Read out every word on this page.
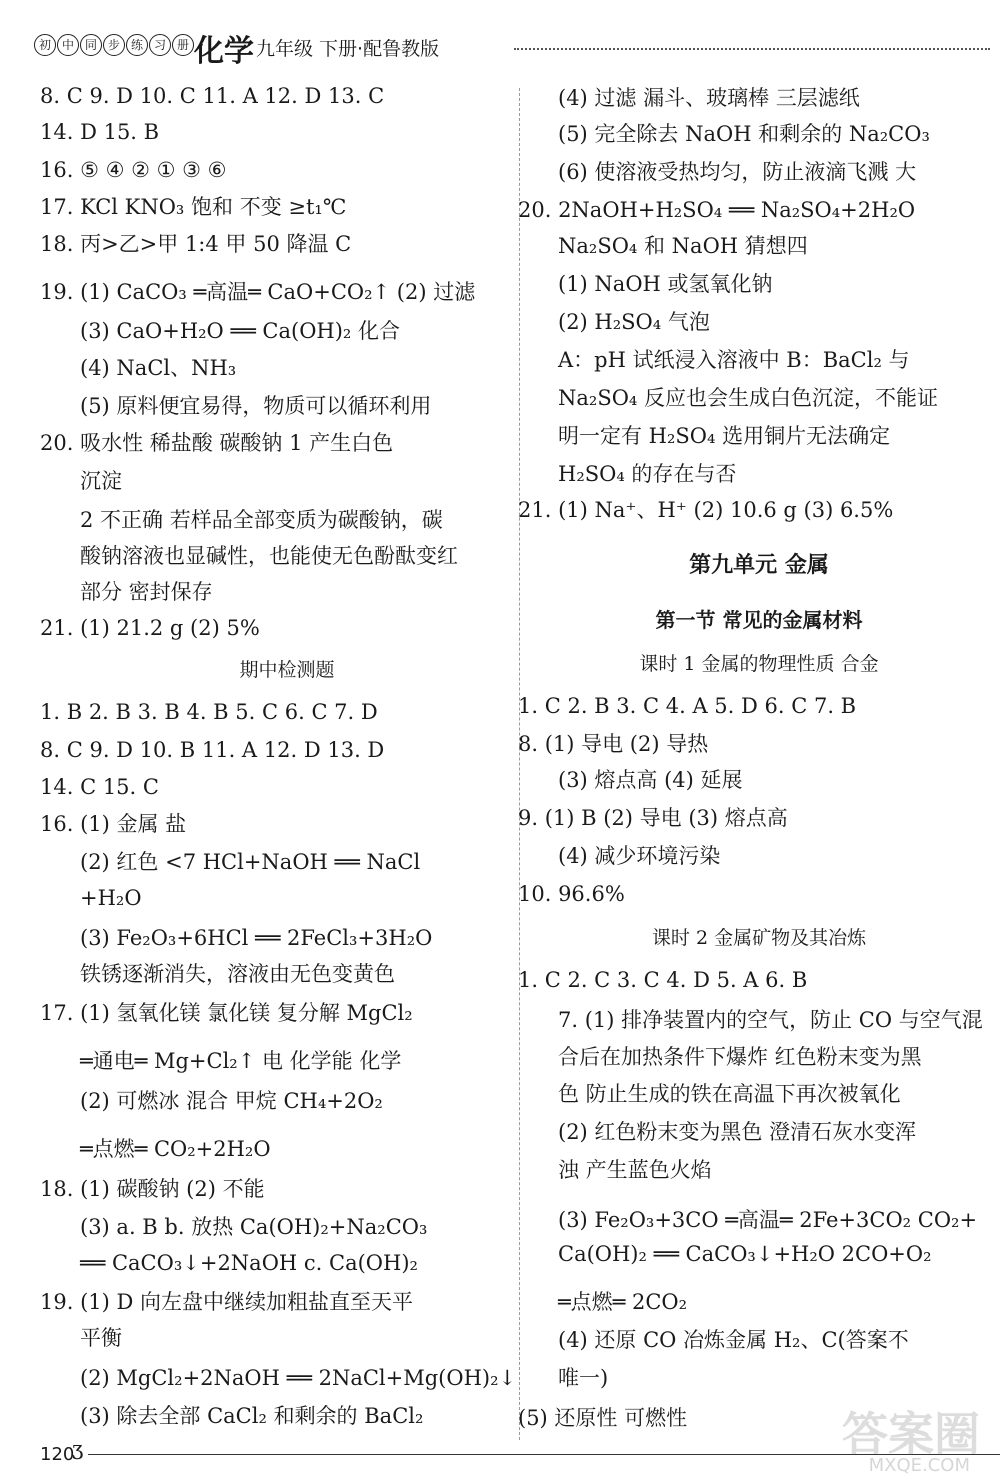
初 中 同 步 练 习 册 化学 九年级 下册·配鲁教版
8. C 9. D 10. C 11. A 12. D 13. C
14. D 15. B
16. ⑤ ④ ② ① ③ ⑥
17. KCl KNO₃ 饱和 不变 ≥t₁℃
18. 丙>乙>甲 1:4 甲 50 降温 C
19. (1) CaCO₃ ═高温═ CaO+CO₂↑ (2) 过滤
(3) CaO+H₂O ══ Ca(OH)₂ 化合
(4) NaCl、NH₃
(5) 原料便宜易得，物质可以循环利用
20. 吸水性 稀盐酸 碳酸钠 1 产生白色
沉淀
2 不正确 若样品全部变质为碳酸钠，碳
酸钠溶液也显碱性，也能使无色酚酞变红
部分 密封保存
21. (1) 21.2 g (2) 5%
期中检测题
1. B 2. B 3. B 4. B 5. C 6. C 7. D
8. C 9. D 10. B 11. A 12. D 13. D
14. C 15. C
16. (1) 金属 盐
(2) 红色 <7 HCl+NaOH ══ NaCl
+H₂O
(3) Fe₂O₃+6HCl ══ 2FeCl₃+3H₂O
铁锈逐渐消失，溶液由无色变黄色
17. (1) 氢氧化镁 氯化镁 复分解 MgCl₂
═通电═ Mg+Cl₂↑ 电 化学能 化学
(2) 可燃冰 混合 甲烷 CH₄+2O₂
═点燃═ CO₂+2H₂O
18. (1) 碳酸钠 (2) 不能
(3) a. B b. 放热 Ca(OH)₂+Na₂CO₃
══ CaCO₃↓+2NaOH c. Ca(OH)₂
19. (1) D 向左盘中继续加粗盐直至天平
平衡
(2) MgCl₂+2NaOH ══ 2NaCl+Mg(OH)₂↓
(3) 除去全部 CaCl₂ 和剩余的 BaCl₂
(4) 过滤 漏斗、玻璃棒 三层滤纸
(5) 完全除去 NaOH 和剩余的 Na₂CO₃
(6) 使溶液受热均匀，防止液滴飞溅 大
20. 2NaOH+H₂SO₄ ══ Na₂SO₄+2H₂O
Na₂SO₄ 和 NaOH 猜想四
(1) NaOH 或氢氧化钠
(2) H₂SO₄ 气泡
A：pH 试纸浸入溶液中 B：BaCl₂ 与
Na₂SO₄ 反应也会生成白色沉淀，不能证
明一定有 H₂SO₄ 选用铜片无法确定
H₂SO₄ 的存在与否
21. (1) Na⁺、H⁺ (2) 10.6 g (3) 6.5%
第九单元 金属
第一节 常见的金属材料
课时 1 金属的物理性质 合金
1. C 2. B 3. C 4. A 5. D 6. C 7. B
8. (1) 导电 (2) 导热
(3) 熔点高 (4) 延展
9. (1) B (2) 导电 (3) 熔点高
(4) 减少环境污染
10. 96.6%
课时 2 金属矿物及其冶炼
1. C 2. C 3. C 4. D 5. A 6. B
7. (1) 排净装置内的空气，防止 CO 与空气混
合后在加热条件下爆炸 红色粉末变为黑
色 防止生成的铁在高温下再次被氧化
(2) 红色粉末变为黑色 澄清石灰水变浑
浊 产生蓝色火焰
(3) Fe₂O₃+3CO ═高温═ 2Fe+3CO₂ CO₂+
Ca(OH)₂ ══ CaCO₃↓+H₂O 2CO+O₂
═点燃═ 2CO₂
(4) 还原 CO 冶炼金属 H₂、C(答案不
唯一)
(5) 还原性 可燃性
120
ʒ	答案圈
MXQE.COM
